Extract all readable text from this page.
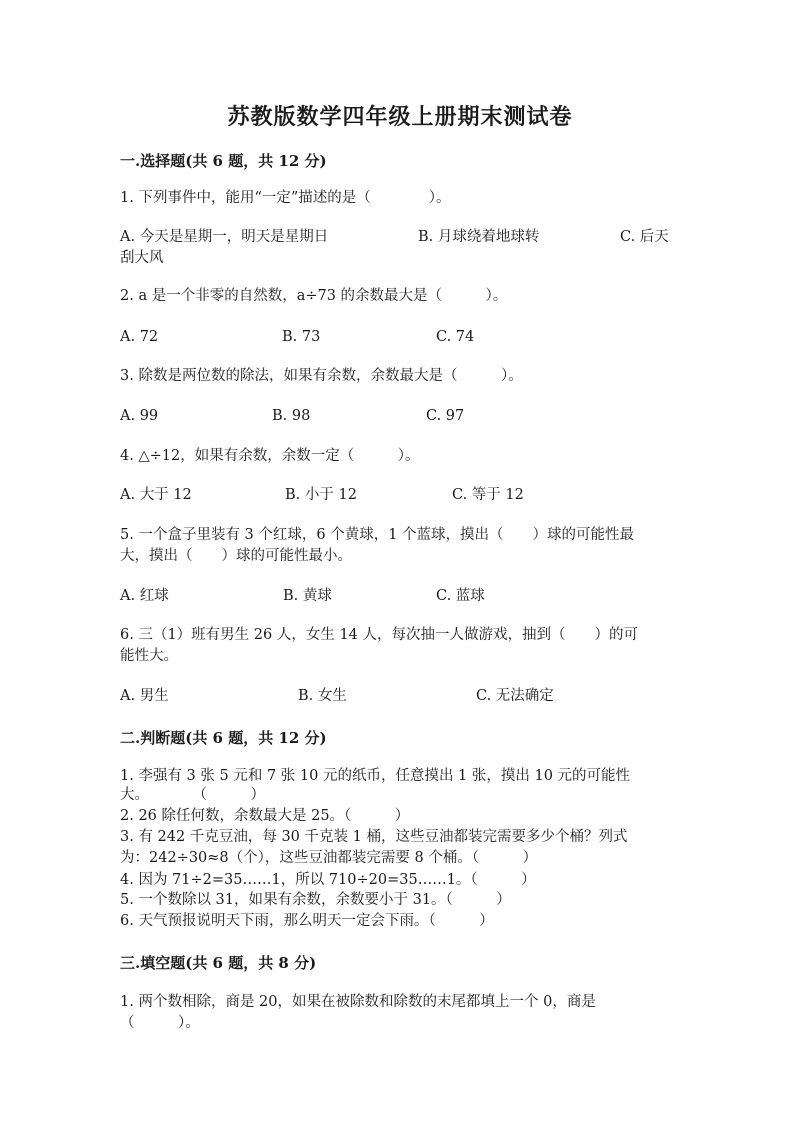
苏教版数学四年级上册期末测试卷
一.选择题(共 6 题，共 12 分)
1. 下列事件中，能用“一定”描述的是（　　　　）。
A. 今天是星期一，明天是星期日	B. 月球绕着地球转	C. 后天
刮大风
2. a 是一个非零的自然数，a÷73 的余数最大是（　　　）。
A. 72	B. 73	C. 74
3. 除数是两位数的除法，如果有余数，余数最大是（　　　）。
A. 99	B. 98	C. 97
4. △÷12，如果有余数，余数一定（　　　）。
A. 大于 12	B. 小于 12	C. 等于 12
5. 一个盒子里装有 3 个红球，6 个黄球，1 个蓝球，摸出（　　）球的可能性最
大，摸出（　　）球的可能性最小。
A. 红球	B. 黄球	C. 蓝球
6. 三（1）班有男生 26 人，女生 14 人，每次抽一人做游戏，抽到（　　）的可
能性大。
A. 男生	B. 女生	C. 无法确定
二.判断题(共 6 题，共 12 分)
1. 李强有 3 张 5 元和 7 张 10 元的纸币，任意摸出 1 张，摸出 10 元的可能性
大。　　　　（　　　）
2. 26 除任何数，余数最大是 25。（　　　）
3. 有 242 千克豆油，每 30 千克装 1 桶，这些豆油都装完需要多少个桶？列式
为：242÷30≈8（个），这些豆油都装完需要 8 个桶。（　　　）
4. 因为 71÷2=35……1，所以 710÷20=35……1。（　　　）
5. 一个数除以 31，如果有余数，余数要小于 31。（　　　）
6. 天气预报说明天下雨，那么明天一定会下雨。（　　　）
三.填空题(共 6 题，共 8 分)
1. 两个数相除，商是 20，如果在被除数和除数的末尾都填上一个 0，商是
（　　　）。
